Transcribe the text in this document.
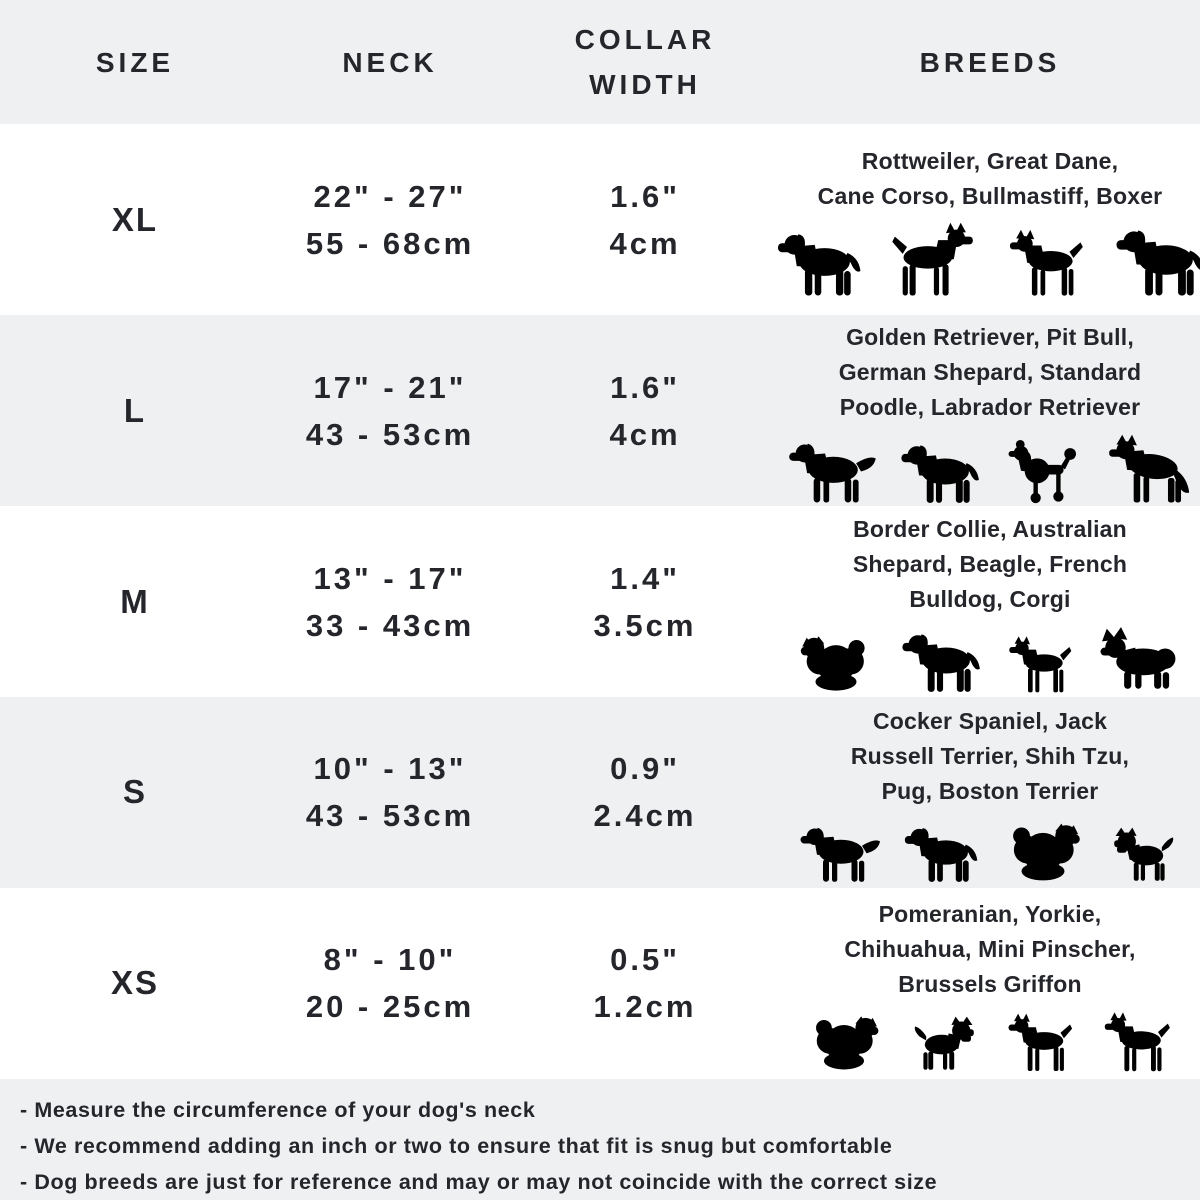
SIZE	NECK
COLLAR WIDTH
BREEDS
XL
22" - 27"
55 - 68cm
1.6"
4cm
Rottweiler, Great Dane,
Cane Corso, Bullmastiff, Boxer
L
17" - 21"
43 - 53cm
1.6"
4cm
Golden Retriever, Pit Bull,
German Shepard, Standard
Poodle, Labrador Retriever
M
13" - 17"
33 - 43cm
1.4"
3.5cm
Border Collie, Australian
Shepard, Beagle, French
Bulldog, Corgi
S
10" - 13"
43 - 53cm
0.9"
2.4cm
Cocker Spaniel, Jack
Russell Terrier, Shih Tzu,
Pug, Boston Terrier
XS
8" - 10"
20 - 25cm
0.5"
1.2cm
Pomeranian, Yorkie,
Chihuahua, Mini Pinscher,
Brussels Griffon
- Measure the circumference of your dog's neck
- We recommend adding an inch or two to ensure that fit is snug but comfortable
- Dog breeds are just for reference and may or may not coincide with the correct size
